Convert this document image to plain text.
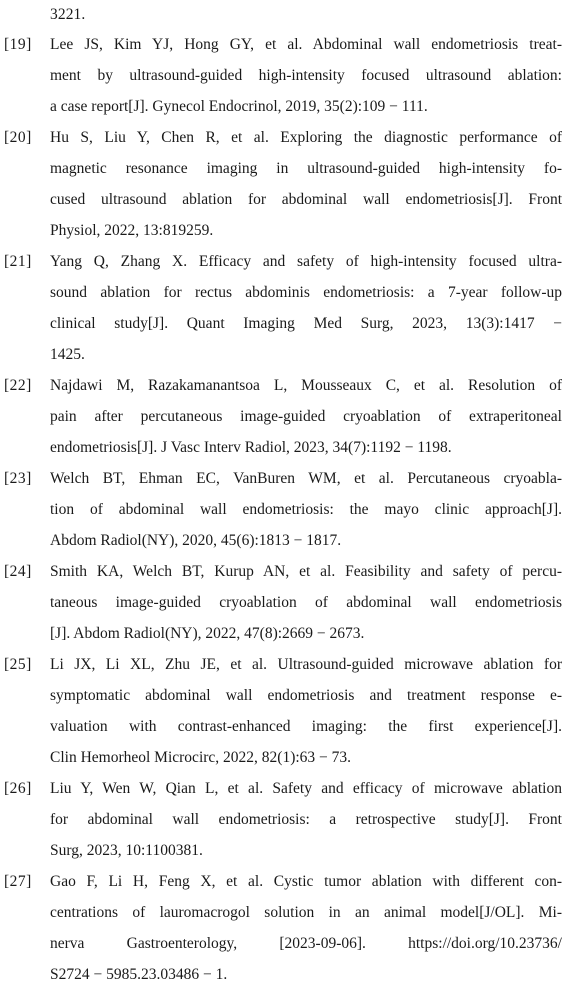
3221.
[19] Lee JS, Kim YJ, Hong GY, et al. Abdominal wall endometriosis treat-
ment by ultrasound-guided high-intensity focused ultrasound ablation:
a case report[J]. Gynecol Endocrinol, 2019, 35(2):109 − 111.
[20] Hu S, Liu Y, Chen R, et al. Exploring the diagnostic performance of
magnetic resonance imaging in ultrasound-guided high-intensity fo-
cused ultrasound ablation for abdominal wall endometriosis[J]. Front
Physiol, 2022, 13:819259.
[21] Yang Q, Zhang X. Efficacy and safety of high-intensity focused ultra-
sound ablation for rectus abdominis endometriosis: a 7-year follow-up
clinical study[J]. Quant Imaging Med Surg, 2023, 13(3):1417 −
1425.
[22] Najdawi M, Razakamanantsoa L, Mousseaux C, et al. Resolution of
pain after percutaneous image-guided cryoablation of extraperitoneal
endometriosis[J]. J Vasc Interv Radiol, 2023, 34(7):1192 − 1198.
[23] Welch BT, Ehman EC, VanBuren WM, et al. Percutaneous cryoabla-
tion of abdominal wall endometriosis: the mayo clinic approach[J].
Abdom Radiol(NY), 2020, 45(6):1813 − 1817.
[24] Smith KA, Welch BT, Kurup AN, et al. Feasibility and safety of percu-
taneous image-guided cryoablation of abdominal wall endometriosis
[J]. Abdom Radiol(NY), 2022, 47(8):2669 − 2673.
[25] Li JX, Li XL, Zhu JE, et al. Ultrasound-guided microwave ablation for
symptomatic abdominal wall endometriosis and treatment response e-
valuation with contrast-enhanced imaging: the first experience[J].
Clin Hemorheol Microcirc, 2022, 82(1):63 − 73.
[26] Liu Y, Wen W, Qian L, et al. Safety and efficacy of microwave ablation
for abdominal wall endometriosis: a retrospective study[J]. Front
Surg, 2023, 10:1100381.
[27] Gao F, Li H, Feng X, et al. Cystic tumor ablation with different con-
centrations of lauromacrogol solution in an animal model[J/OL]. Mi-
nerva Gastroenterology, [2023-09-06]. https://doi.org/10.23736/
S2724 − 5985.23.03486 − 1.
